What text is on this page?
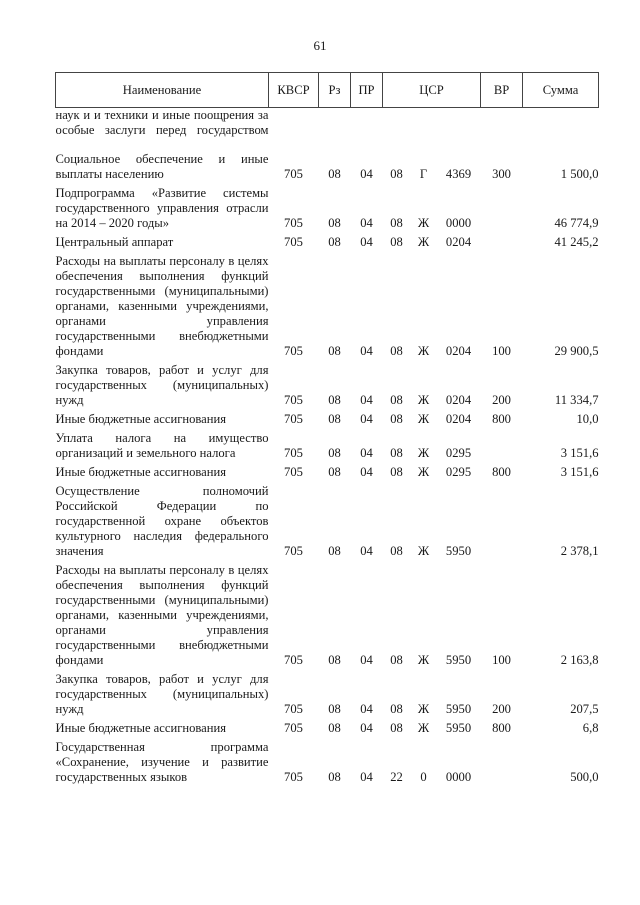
61
Наименование	КВСР	Рз	ПР	ЦСР			ВР	Сумма
наук и и техники и иные поощрения за особые заслуги перед государством								
Социальное обеспечение и иные выплаты населению	705	08	04	08	Г	4369	300	1 500,0
Подпрограмма «Развитие системы государственного управления отрасли на 2014 – 2020 годы»	705	08	04	08	Ж	0000		46 774,9
Центральный аппарат	705	08	04	08	Ж	0204		41 245,2
Расходы на выплаты персоналу в целях обеспечения выполнения функций государственными (муниципальными) органами, казенными учреждениями, органами управления государственными внебюджетными фондами	705	08	04	08	Ж	0204	100	29 900,5
Закупка товаров, работ и услуг для государственных (муниципальных) нужд	705	08	04	08	Ж	0204	200	11 334,7
Иные бюджетные ассигнования	705	08	04	08	Ж	0204	800	10,0
Уплата налога на имущество организаций и земельного налога	705	08	04	08	Ж	0295		3 151,6
Иные бюджетные ассигнования	705	08	04	08	Ж	0295	800	3 151,6
Осуществление полномочий Российской Федерации по государственной охране объектов культурного наследия федерального значения	705	08	04	08	Ж	5950		2 378,1
Расходы на выплаты персоналу в целях обеспечения выполнения функций государственными (муниципальными) органами, казенными учреждениями, органами управления государственными внебюджетными фондами	705	08	04	08	Ж	5950	100	2 163,8
Закупка товаров, работ и услуг для государственных (муниципальных) нужд	705	08	04	08	Ж	5950	200	207,5
Иные бюджетные ассигнования	705	08	04	08	Ж	5950	800	6,8
Государственная программа «Сохранение, изучение и развитие государственных языков	705	08	04	22	0	0000		500,0
